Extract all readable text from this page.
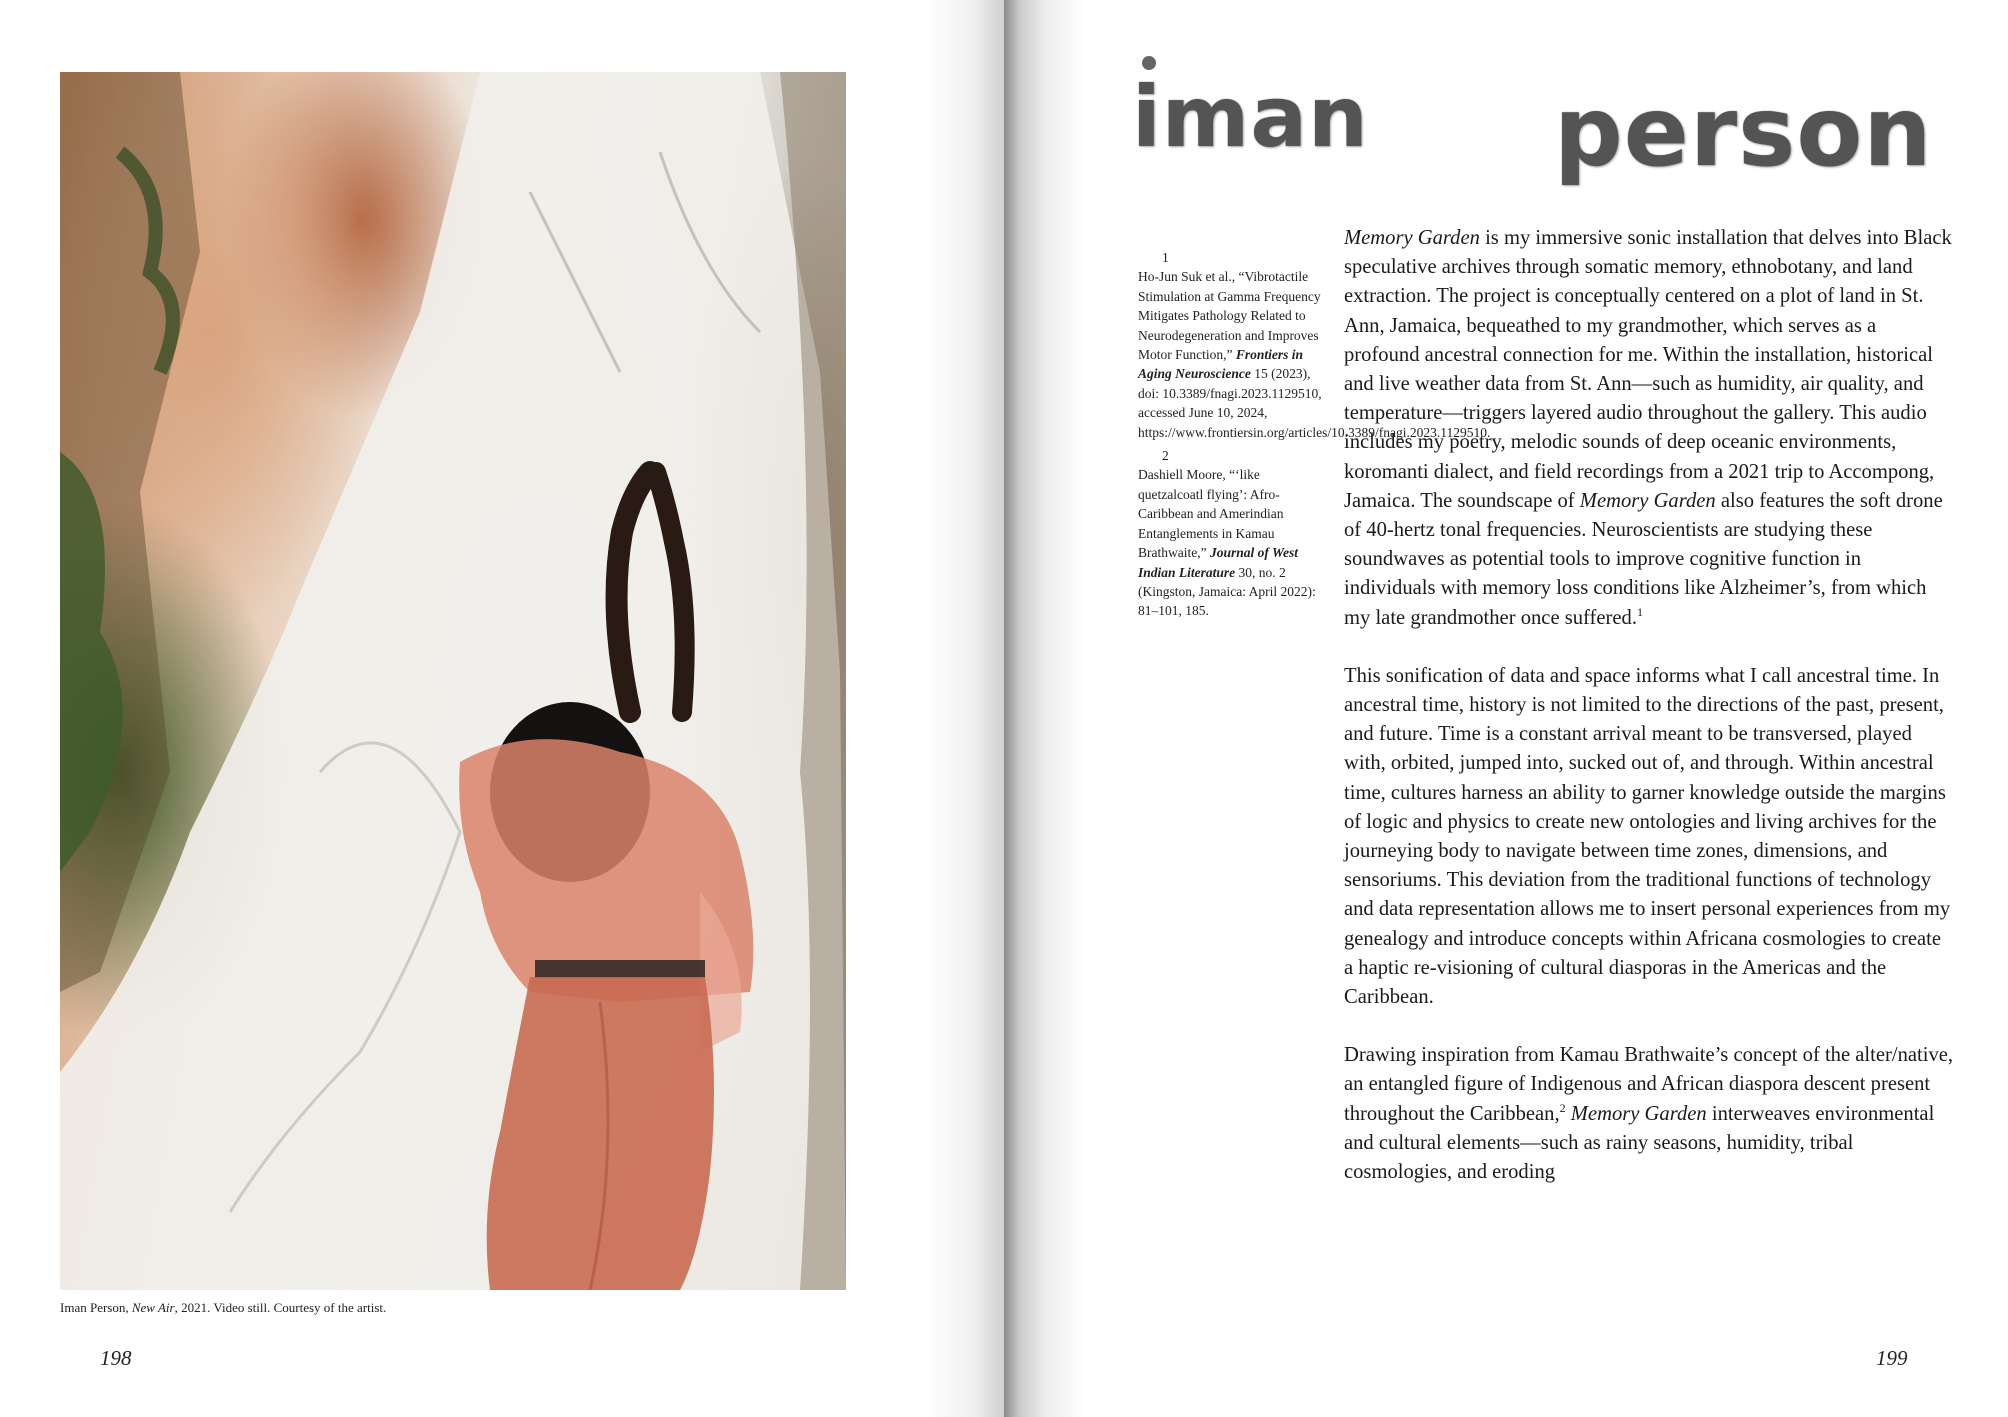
Iman Person, New Air, 2021. Video still. Courtesy of the artist.
198
iman person
1
Ho-Jun Suk et al., “Vibrotactile Stimulation at Gamma Frequency Mitigates Pathology Related to Neurodegeneration and Improves Motor Function,” Frontiers in Aging Neuroscience 15 (2023), doi: 10.3389/fnagi.2023.1129510, accessed June 10, 2024, https://www.frontiersin.org/articles/10.3389/fnagi.2023.1129510.
2
Dashiell Moore, “‘like quetzalcoatl flying’: Afro-Caribbean and Amerindian Entanglements in Kamau Brathwaite,” Journal of West Indian Literature 30, no. 2 (Kingston, Jamaica: April 2022): 81–101, 185.

Memory Garden is my immersive sonic installation that delves into Black speculative archives through somatic memory, ethnobotany, and land extraction. The project is conceptually centered on a plot of land in St. Ann, Jamaica, bequeathed to my grandmother, which serves as a profound ancestral connection for me. Within the installation, historical and live weather data from St. Ann—such as humidity, air quality, and temperature—triggers layered audio throughout the gallery. This audio includes my poetry, melodic sounds of deep oceanic environments, koromanti dialect, and field recordings from a 2021 trip to Accompong, Jamaica. The soundscape of Memory Garden also features the soft drone of 40-hertz tonal frequencies. Neuroscientists are studying these soundwaves as potential tools to improve cognitive function in individuals with memory loss conditions like Alzheimer’s, from which my late grandmother once suffered.$^1$

This sonification of data and space informs what I call ancestral time. In ancestral time, history is not limited to the directions of the past, present, and future. Time is a constant arrival meant to be transversed, played with, orbited, jumped into, sucked out of, and through. Within ancestral time, cultures harness an ability to garner knowledge outside the margins of logic and physics to create new ontologies and living archives for the journeying body to navigate between time zones, dimensions, and sensoriums. This deviation from the traditional functions of technology and data representation allows me to insert personal experiences from my genealogy and introduce concepts within Africana cosmologies to create a haptic re-visioning of cultural diasporas in the Americas and the Caribbean.

Drawing inspiration from Kamau Brathwaite’s concept of the alter/native, an entangled figure of Indigenous and African diaspora descent present throughout the Caribbean,$^2$ Memory Garden interweaves environmental and cultural elements—such as rainy seasons, humidity, tribal cosmologies, and eroding

199
